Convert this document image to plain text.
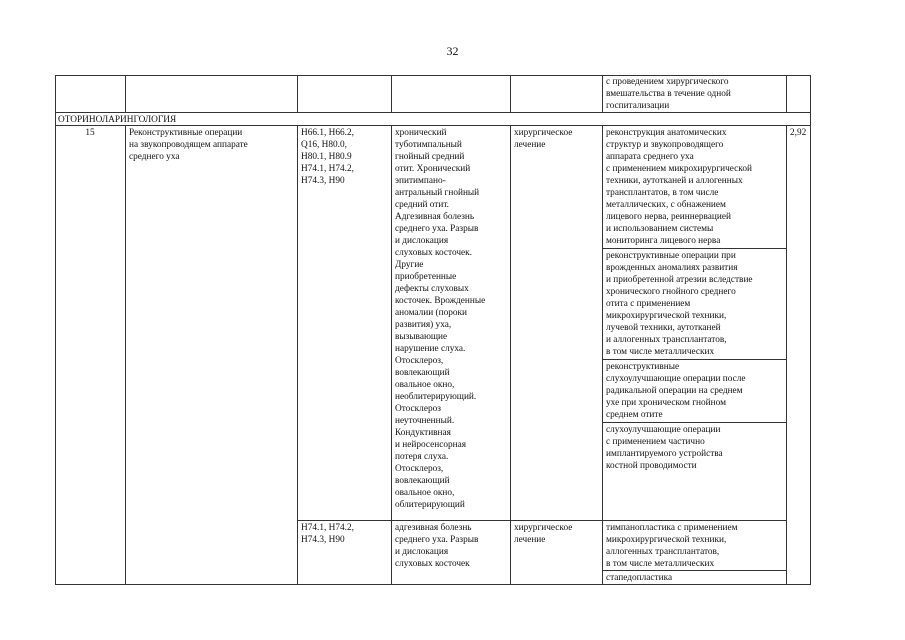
32
с проведением хирургического
вмешательства в течение одной
госпитализации
ОТОРИНОЛАРИНГОЛОГИЯ
15	Реконструктивные операции
на звукопроводящем аппарате
среднего уха
H66.1, H66.2,
Q16, H80.0,
H80.1, H80.9
H74.1, H74.2,
H74.3, H90
хронический
туботимпальный
гнойный средний
отит. Хронический
эпитимпано-
антральный гнойный
средний отит.
Адгезивная болезнь
среднего уха. Разрыв
и дислокация
слуховых косточек.
Другие
приобретенные
дефекты слуховых
косточек. Врожденные
аномалии (пороки
развития) уха,
вызывающие
нарушение слуха.
Отосклероз,
вовлекающий
овальное окно,
необлитерирующий.
Отосклероз
неуточненный.
Кондуктивная
и нейросенсорная
потеря слуха.
Отосклероз,
вовлекающий
овальное окно,
облитерирующий
хирургическое
лечение
реконструкция анатомических
структур и звукопроводящего
аппарата среднего уха
с применением микрохирургической
техники, аутотканей и аллогенных
трансплантатов, в том числе
металлических, с обнажением
лицевого нерва, реиннервацией
и использованием системы
мониторинга лицевого нерва
реконструктивные операции при
врожденных аномалиях развития
и приобретенной атрезии вследствие
хронического гнойного среднего
отита с применением
микрохирургической техники,
лучевой техники, аутотканей
и аллогенных трансплантатов,
в том числе металлических
реконструктивные
слухоулучшающие операции после
радикальной операции на среднем
ухе при хроническом гнойном
среднем отите
слухоулучшающие операции
с применением частично
имплантируемого устройства
костной проводимости
2,92
H74.1, H74.2,
H74.3, H90
адгезивная болезнь
среднего уха. Разрыв
и дислокация
слуховых косточек
хирургическое
лечение
тимпанопластика с применением
микрохирургической техники,
аллогенных трансплантатов,
в том числе металлических
стапедопластика
